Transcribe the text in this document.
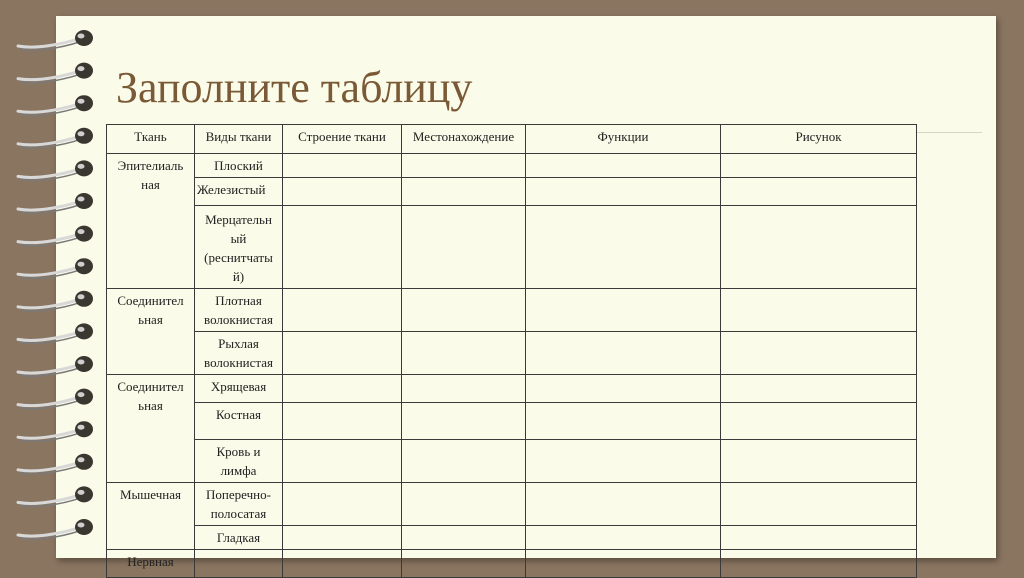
Заполните таблицу
Ткань	Виды ткани	Строение ткани	Местонахождение	Функции	Рисунок
Эпителиаль ная	Плоский				
	Железистый				
	Мерцательн ый (реснитчаты й)				
Соединител ьная	Плотная волокнистая				
	Рыхлая волокнистая				
Соединител ьная	Хрящевая				
	Костная				
	Кровь и лимфа				
Мышечная	Поперечно-полосатая				
	Гладкая				
Нервная					
